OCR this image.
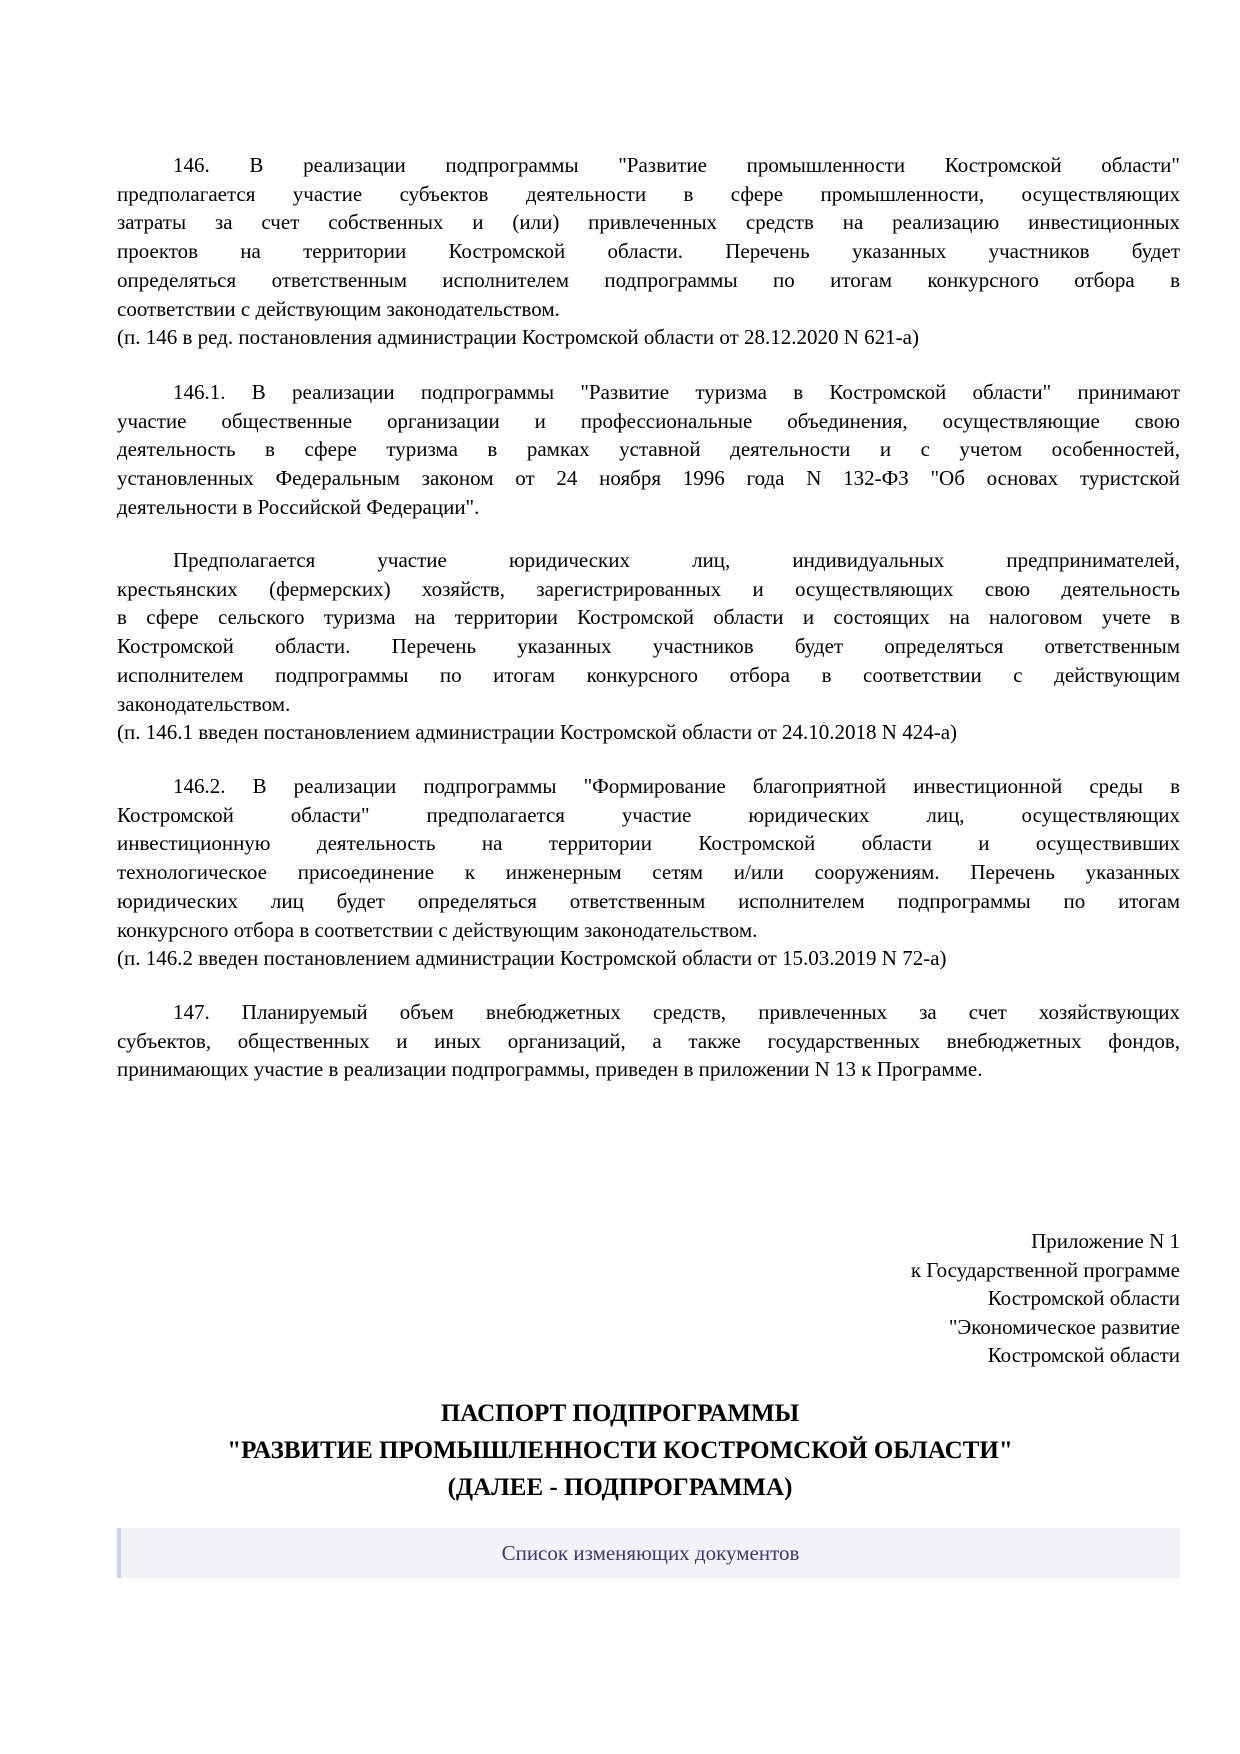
146. В реализации подпрограммы "Развитие промышленности Костромской области"
предполагается участие субъектов деятельности в сфере промышленности, осуществляющих
затраты за счет собственных и (или) привлеченных средств на реализацию инвестиционных
проектов на территории Костромской области. Перечень указанных участников будет
определяться ответственным исполнителем подпрограммы по итогам конкурсного отбора в
соответствии с действующим законодательством.
(п. 146 в ред. постановления администрации Костромской области от 28.12.2020 N 621-а)
146.1. В реализации подпрограммы "Развитие туризма в Костромской области" принимают
участие общественные организации и профессиональные объединения, осуществляющие свою
деятельность в сфере туризма в рамках уставной деятельности и с учетом особенностей,
установленных Федеральным законом от 24 ноября 1996 года N 132-ФЗ "Об основах туристской
деятельности в Российской Федерации".
Предполагается участие юридических лиц, индивидуальных предпринимателей,
крестьянских (фермерских) хозяйств, зарегистрированных и осуществляющих свою деятельность
в сфере сельского туризма на территории Костромской области и состоящих на налоговом учете в
Костромской области. Перечень указанных участников будет определяться ответственным
исполнителем подпрограммы по итогам конкурсного отбора в соответствии с действующим
законодательством.
(п. 146.1 введен постановлением администрации Костромской области от 24.10.2018 N 424-а)
146.2. В реализации подпрограммы "Формирование благоприятной инвестиционной среды в
Костромской области" предполагается участие юридических лиц, осуществляющих
инвестиционную деятельность на территории Костромской области и осуществивших
технологическое присоединение к инженерным сетям и/или сооружениям. Перечень указанных
юридических лиц будет определяться ответственным исполнителем подпрограммы по итогам
конкурсного отбора в соответствии с действующим законодательством.
(п. 146.2 введен постановлением администрации Костромской области от 15.03.2019 N 72-а)
147. Планируемый объем внебюджетных средств, привлеченных за счет хозяйствующих
субъектов, общественных и иных организаций, а также государственных внебюджетных фондов,
принимающих участие в реализации подпрограммы, приведен в приложении N 13 к Программе.
Приложение N 1
к Государственной программе
Костромской области
"Экономическое развитие
Костромской области
ПАСПОРТ ПОДПРОГРАММЫ
"РАЗВИТИЕ ПРОМЫШЛЕННОСТИ КОСТРОМСКОЙ ОБЛАСТИ"
(ДАЛЕЕ - ПОДПРОГРАММА)
Список изменяющих документов
